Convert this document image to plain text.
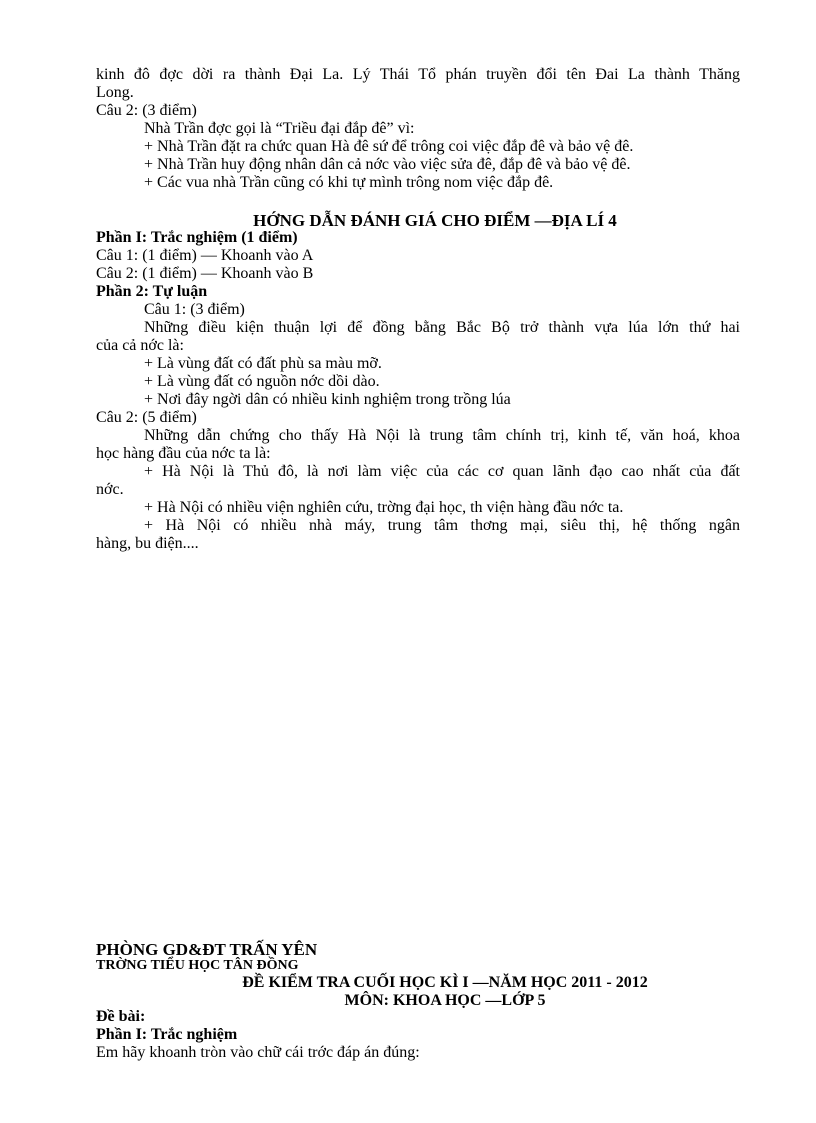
kinh đô đợc dời ra thành Đại La. Lý Thái Tổ phán truyền đổi tên Đai La thành Thăng
Long.
Câu 2: (3 điểm)
Nhà Trần đợc gọi là “Triều đại đắp đê” vì:
+ Nhà Trần đặt ra chức quan Hà đê sứ để trông coi việc đắp đê và bảo vệ đê.
+ Nhà Trần huy động nhân dân cả nớc vào việc sửa đê, đắp đê và bảo vệ đê.
+ Các vua nhà Trần cũng có khi tự mình trông nom việc đắp đê.
HỚNG DẪN ĐÁNH GIÁ CHO ĐIỂM —ĐỊA LÍ 4
Phần I: Trắc nghiệm (1 điểm)
Câu 1: (1 điểm) — Khoanh vào A
Câu 2: (1 điểm) — Khoanh vào B
Phần 2: Tự luận
Câu 1: (3 điểm)
Những điều kiện thuận lợi để đồng bằng Bắc Bộ trở thành vựa lúa lớn thứ hai
của cả nớc là:
+ Là vùng đất có đất phù sa màu mỡ.
+ Là vùng đất có nguồn nớc dồi dào.
+ Nơi đây ngời dân có nhiều kinh nghiệm trong trồng lúa
Câu 2: (5 điểm)
Những dẫn chứng cho thấy Hà Nội là trung tâm chính trị, kinh tế, văn hoá, khoa
học hàng đầu của nớc ta là:
+ Hà Nội là Thủ đô, là nơi làm việc của các cơ quan lãnh đạo cao nhất của đất
nớc.
+ Hà Nội có nhiều viện nghiên cứu, trờng đại học, th viện hàng đầu nớc ta.
+ Hà Nội có nhiều nhà máy, trung tâm thơng mại, siêu thị, hệ thống ngân
hàng, bu điện....
PHÒNG GD&ĐT TRẤN YÊN
TRỜNG TIỂU HỌC TÂN ĐỒNG
ĐỀ KIỂM TRA CUỐI HỌC KÌ I —NĂM HỌC 2011 - 2012
MÔN: KHOA HỌC —LỚP 5
Đề bài:
Phần I: Trắc nghiệm
Em hãy khoanh tròn vào chữ cái trớc đáp án đúng:
